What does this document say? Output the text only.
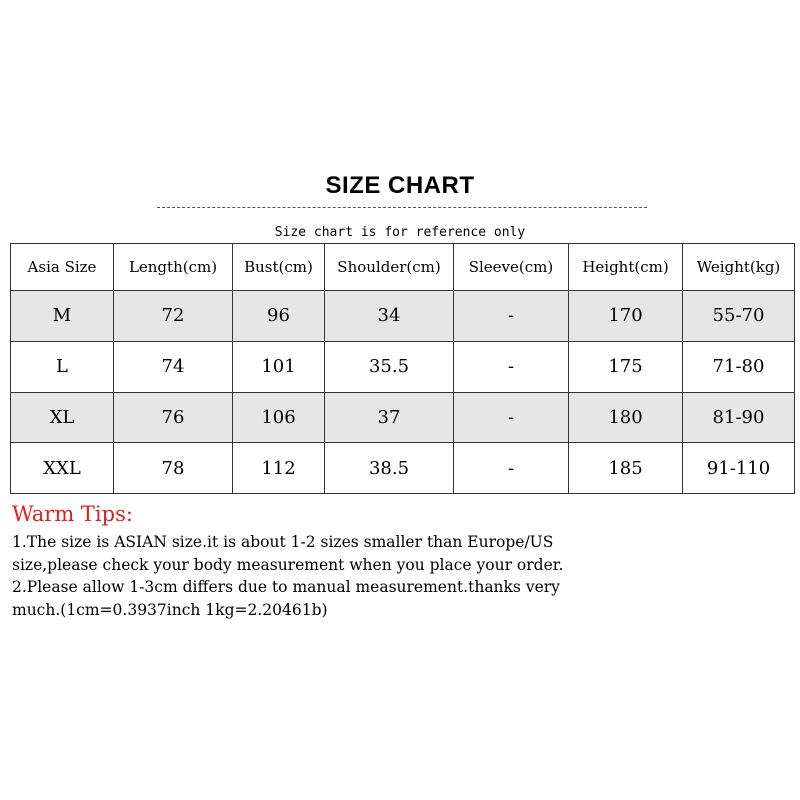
SIZE CHART
Size chart is for reference only
Asia Size	Length(cm)	Bust(cm)	Shoulder(cm)	Sleeve(cm)	Height(cm)	Weight(kg)
M	72	96	34	-	170	55-70
L	74	101	35.5	-	175	71-80
XL	76	106	37	-	180	81-90
XXL	78	112	38.5	-	185	91-110
Warm Tips:

1.The size is ASIAN size.it is about 1-2 sizes smaller than Europe/US

size,please check your body measurement when you place your order.

2.Please allow 1-3cm differs due to manual measurement.thanks very

much.(1cm=0.3937inch 1kg=2.20461b)
